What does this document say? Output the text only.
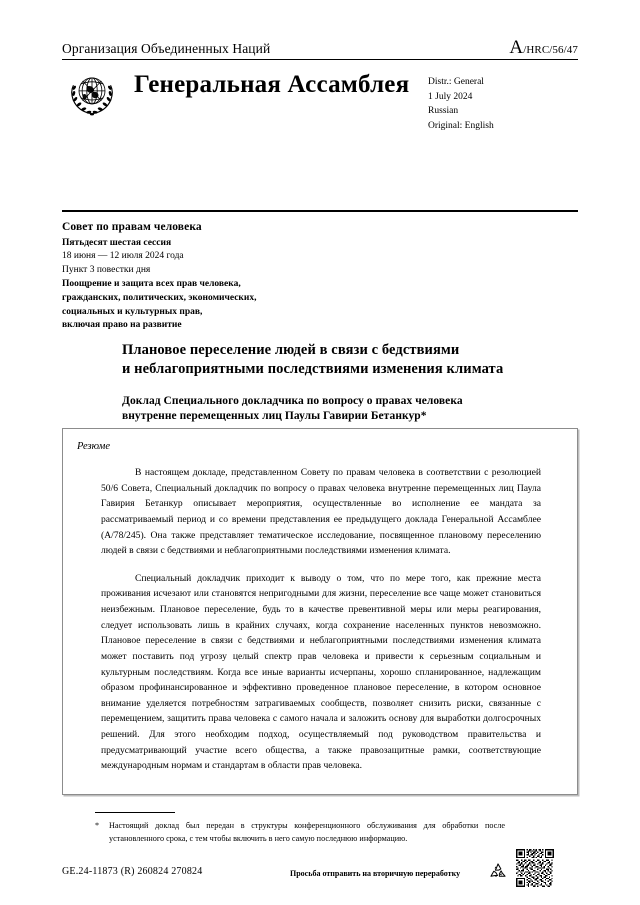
Организация Объединенных Наций	A/HRC/56/47
Генеральная Ассамблея	Distr.: General
1 July 2024
Russian
Original: English
Совет по правам человека
Пятьдесят шестая сессия
18 июня — 12 июля 2024 года
Пункт 3 повестки дня
Поощрение и защита всех прав человека,
гражданских, политических, экономических,
социальных и культурных прав,
включая право на развитие
Плановое переселение людей в связи с бедствиями
и неблагоприятными последствиями изменения климата
Доклад Специального докладчика по вопросу о правах человека
внутренне перемещенных лиц Паулы Гавирии Бетанкур*
Резюме

В настоящем докладе, представленном Совету по правам человека в соответствии с резолюцией 50/6 Совета, Специальный докладчик по вопросу о правах человека внутренне перемещенных лиц Паула Гавирия Бетанкур описывает мероприятия, осуществленные во исполнение ее мандата за рассматриваемый период и со времени представления ее предыдущего доклада Генеральной Ассамблее (A/78/245). Она также представляет тематическое исследование, посвященное плановому переселению людей в связи с бедствиями и неблагоприятными последствиями изменения климата.

Специальный докладчик приходит к выводу о том, что по мере того, как прежние места проживания исчезают или становятся непригодными для жизни, переселение все чаще может становиться неизбежным. Плановое переселение, будь то в качестве превентивной меры или меры реагирования, следует использовать лишь в крайних случаях, когда сохранение населенных пунктов невозможно. Плановое переселение в связи с бедствиями и неблагоприятными последствиями изменения климата может поставить под угрозу целый спектр прав человека и привести к серьезным социальным и культурным последствиям. Когда все иные варианты исчерпаны, хорошо спланированное, надлежащим образом профинансированное и эффективно проведенное плановое переселение, в котором основное внимание уделяется потребностям затрагиваемых сообществ, позволяет снизить риски, связанные с перемещением, защитить права человека с самого начала и заложить основу для выработки долгосрочных решений. Для этого необходим подход, осуществляемый под руководством правительства и предусматривающий участие всего общества, а также правозащитные рамки, соответствующие международным нормам и стандартам в области прав человека.

*	Настоящий доклад был передан в структуры конференционного обслуживания для обработки после установленного срока, с тем чтобы включить в него самую последнюю информацию.
GE.24-11873 (R) 260824 270824	Просьба отправить на вторичную переработку
